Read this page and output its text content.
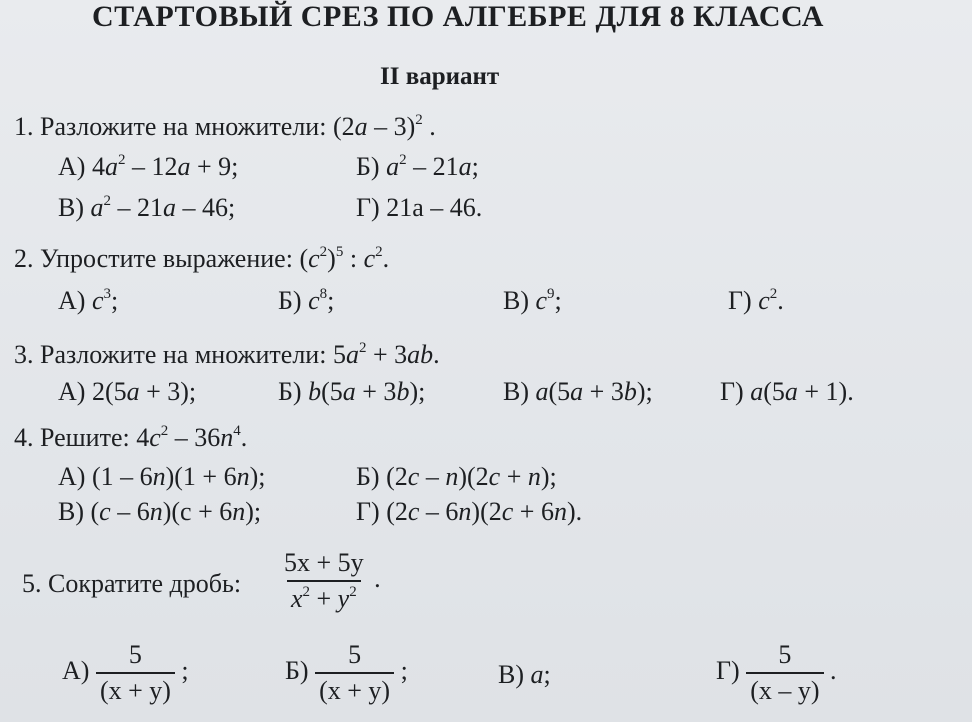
СТАРТОВЫЙ СРЕЗ ПО АЛГЕБРЕ ДЛЯ 8 КЛАССА
II вариант
1. Разложите на множители: (2a – 3)$^2$ .
А) $4a^2 - 12a + 9$;	Б) $a^2 - 21a$;
В) $a^2 - 21a - 46$;	Г) 21a – 46.
2. Упростите выражение: $(c^2)^5$ : $c^2$.
А) $c^3$;	Б) $c^8$;	В) $c^9$;	Г) $c^2$.
3. Разложите на множители: $5a^2 + 3ab$.
А) 2(5a + 3);	Б) b(5a + 3b);	В) a(5a + 3b);	Г) a(5a + 1).
4. Решите: $4c^2 - 36n^4$.
А) (1 – 6n)(1 + 6n);	Б) (2c – n)(2c + n);
В) (c – 6n)(c + 6n);	Г) (2c – 6n)(2c + 6n).
5. Сократите дробь: $\frac{5x + 5y}{x^2 + y^2}$ .
$А) \frac{5}{(x + y)}$ ;	$Б) \frac{5}{(x + y)}$ ;	В) a;	$Г) \frac{5}{(x - y)}$ .
